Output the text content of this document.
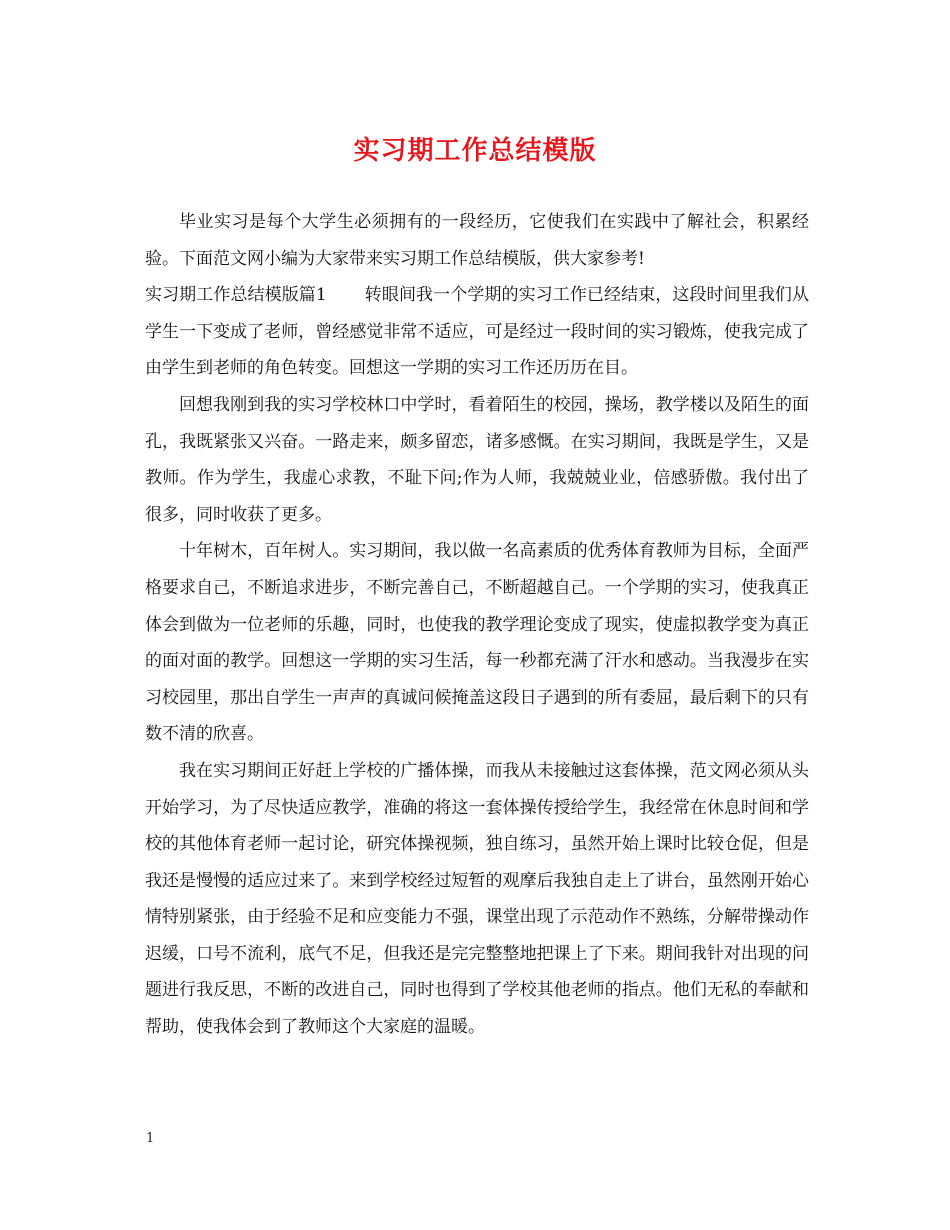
实习期工作总结模版

毕业实习是每个大学生必须拥有的一段经历，它使我们在实践中了解社会，积累经验。下面范文网小编为大家带来实习期工作总结模版，供大家参考!

实习期工作总结模版篇1 转眼间我一个学期的实习工作已经结束，这段时间里我们从学生一下变成了老师，曾经感觉非常不适应，可是经过一段时间的实习锻炼，使我完成了由学生到老师的角色转变。回想这一学期的实习工作还历历在目。

回想我刚到我的实习学校林口中学时，看着陌生的校园，操场，教学楼以及陌生的面孔，我既紧张又兴奋。一路走来，颇多留恋，诸多感慨。在实习期间，我既是学生，又是教师。作为学生，我虚心求教，不耻下问;作为人师，我兢兢业业，倍感骄傲。我付出了很多，同时收获了更多。

十年树木，百年树人。实习期间，我以做一名高素质的优秀体育教师为目标，全面严格要求自己，不断追求进步，不断完善自己，不断超越自己。一个学期的实习，使我真正体会到做为一位老师的乐趣，同时，也使我的教学理论变成了现实，使虚拟教学变为真正的面对面的教学。回想这一学期的实习生活，每一秒都充满了汗水和感动。当我漫步在实习校园里，那出自学生一声声的真诚问候掩盖这段日子遇到的所有委屈，最后剩下的只有数不清的欣喜。

我在实习期间正好赶上学校的广播体操，而我从未接触过这套体操，范文网必须从头开始学习，为了尽快适应教学，准确的将这一套体操传授给学生，我经常在休息时间和学校的其他体育老师一起讨论，研究体操视频，独自练习，虽然开始上课时比较仓促，但是我还是慢慢的适应过来了。来到学校经过短暂的观摩后我独自走上了讲台，虽然刚开始心情特别紧张，由于经验不足和应变能力不强，课堂出现了示范动作不熟练，分解带操动作迟缓，口号不流利，底气不足，但我还是完完整整地把课上了下来。期间我针对出现的问题进行我反思，不断的改进自己，同时也得到了学校其他老师的指点。他们无私的奉献和帮助，使我体会到了教师这个大家庭的温暖。

1
